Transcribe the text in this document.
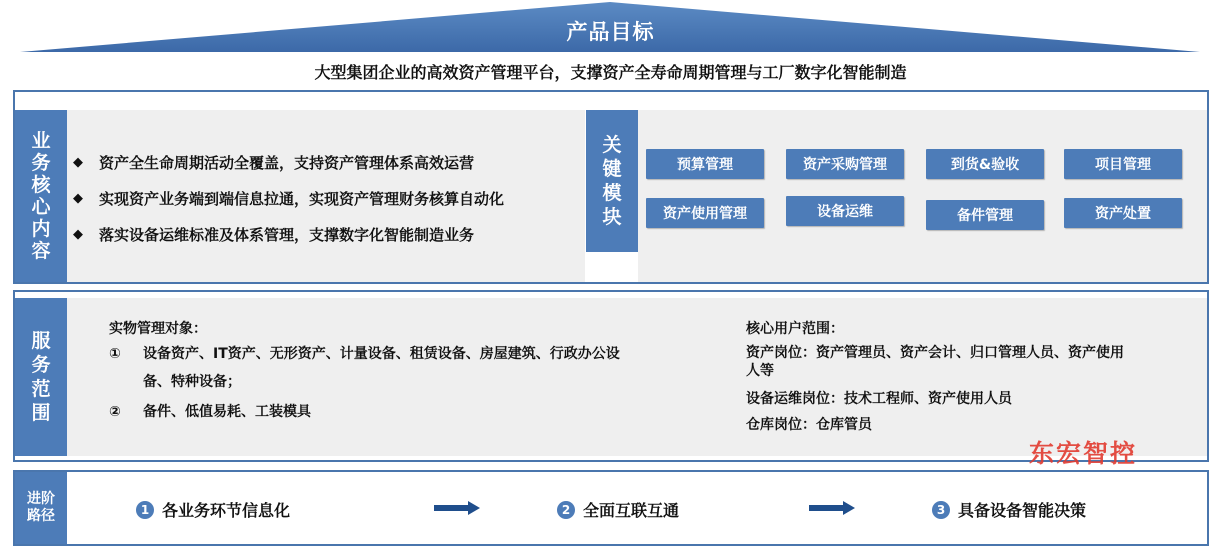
产品目标
大型集团企业的高效资产管理平台，支撑资产全寿命周期管理与工厂数字化智能制造
业
务
核
心
内
容
◆	资产全生命周期活动全覆盖，支持资产管理体系高效运营
◆	实现资产业务端到端信息拉通，实现资产管理财务核算自动化
◆	落实设备运维标准及体系管理，支撑数字化智能制造业务
关
键
模
块
预算管理	资产采购管理	到货&验收	项目管理
资产使用管理	设备运维	备件管理	资产处置
服
务
范
围
实物管理对象：
① 设备资产、IT资产、无形资产、计量设备、租赁设备、房屋建筑、行政办公设
备、特种设备；
② 备件、低值易耗、工装模具
核心用户范围：
资产岗位：资产管理员、资产会计、归口管理人员、资产使用
人等
设备运维岗位：技术工程师、资产使用人员
仓库岗位：仓库管员
东宏智控
进阶
路径	1 各业务环节信息化	2 全面互联互通	3 具备设备智能决策
